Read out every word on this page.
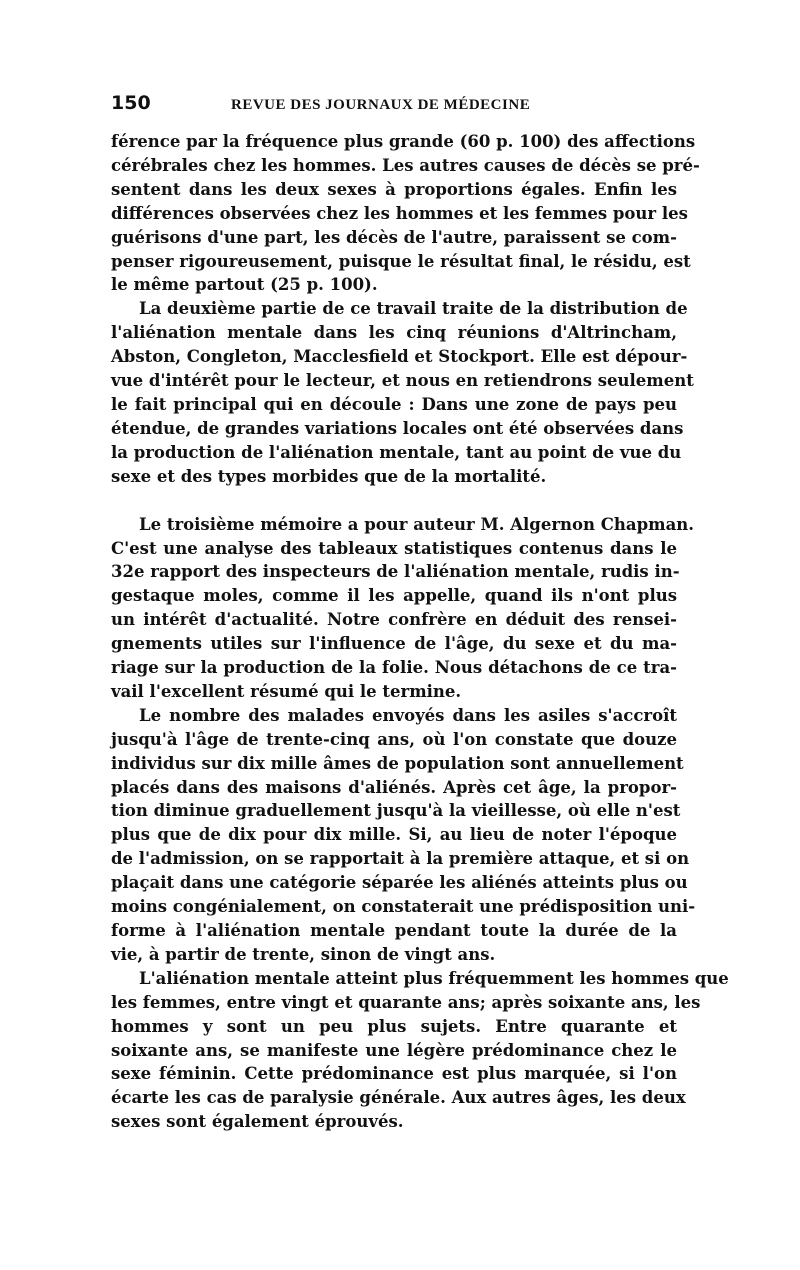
150	REVUE DES JOURNAUX DE MÉDECINE

férence par la fréquence plus grande (60 p. 100) des affections
cérébrales chez les hommes. Les autres causes de décès se pré-
sentent dans les deux sexes à proportions égales. Enfin les
différences observées chez les hommes et les femmes pour les
guérisons d'une part, les décès de l'autre, paraissent se com-
penser rigoureusement, puisque le résultat final, le résidu, est
le même partout (25 p. 100).

La deuxième partie de ce travail traite de la distribution de
l'aliénation mentale dans les cinq réunions d'Altrincham,
Abston, Congleton, Macclesfield et Stockport. Elle est dépour-
vue d'intérêt pour le lecteur, et nous en retiendrons seulement
le fait principal qui en découle : Dans une zone de pays peu
étendue, de grandes variations locales ont été observées dans
la production de l'aliénation mentale, tant au point de vue du
sexe et des types morbides que de la mortalité.

Le troisième mémoire a pour auteur M. Algernon Chapman.
C'est une analyse des tableaux statistiques contenus dans le
32e rapport des inspecteurs de l'aliénation mentale, rudis in-
gestaque moles, comme il les appelle, quand ils n'ont plus
un intérêt d'actualité. Notre confrère en déduit des rensei-
gnements utiles sur l'influence de l'âge, du sexe et du ma-
riage sur la production de la folie. Nous détachons de ce tra-
vail l'excellent résumé qui le termine.

Le nombre des malades envoyés dans les asiles s'accroît
jusqu'à l'âge de trente-cinq ans, où l'on constate que douze
individus sur dix mille âmes de population sont annuellement
placés dans des maisons d'aliénés. Après cet âge, la propor-
tion diminue graduellement jusqu'à la vieillesse, où elle n'est
plus que de dix pour dix mille. Si, au lieu de noter l'époque
de l'admission, on se rapportait à la première attaque, et si on
plaçait dans une catégorie séparée les aliénés atteints plus ou
moins congénialement, on constaterait une prédisposition uni-
forme à l'aliénation mentale pendant toute la durée de la
vie, à partir de trente, sinon de vingt ans.

L'aliénation mentale atteint plus fréquemment les hommes que
les femmes, entre vingt et quarante ans; après soixante ans, les
hommes y sont un peu plus sujets. Entre quarante et
soixante ans, se manifeste une légère prédominance chez le
sexe féminin. Cette prédominance est plus marquée, si l'on
écarte les cas de paralysie générale. Aux autres âges, les deux
sexes sont également éprouvés.
